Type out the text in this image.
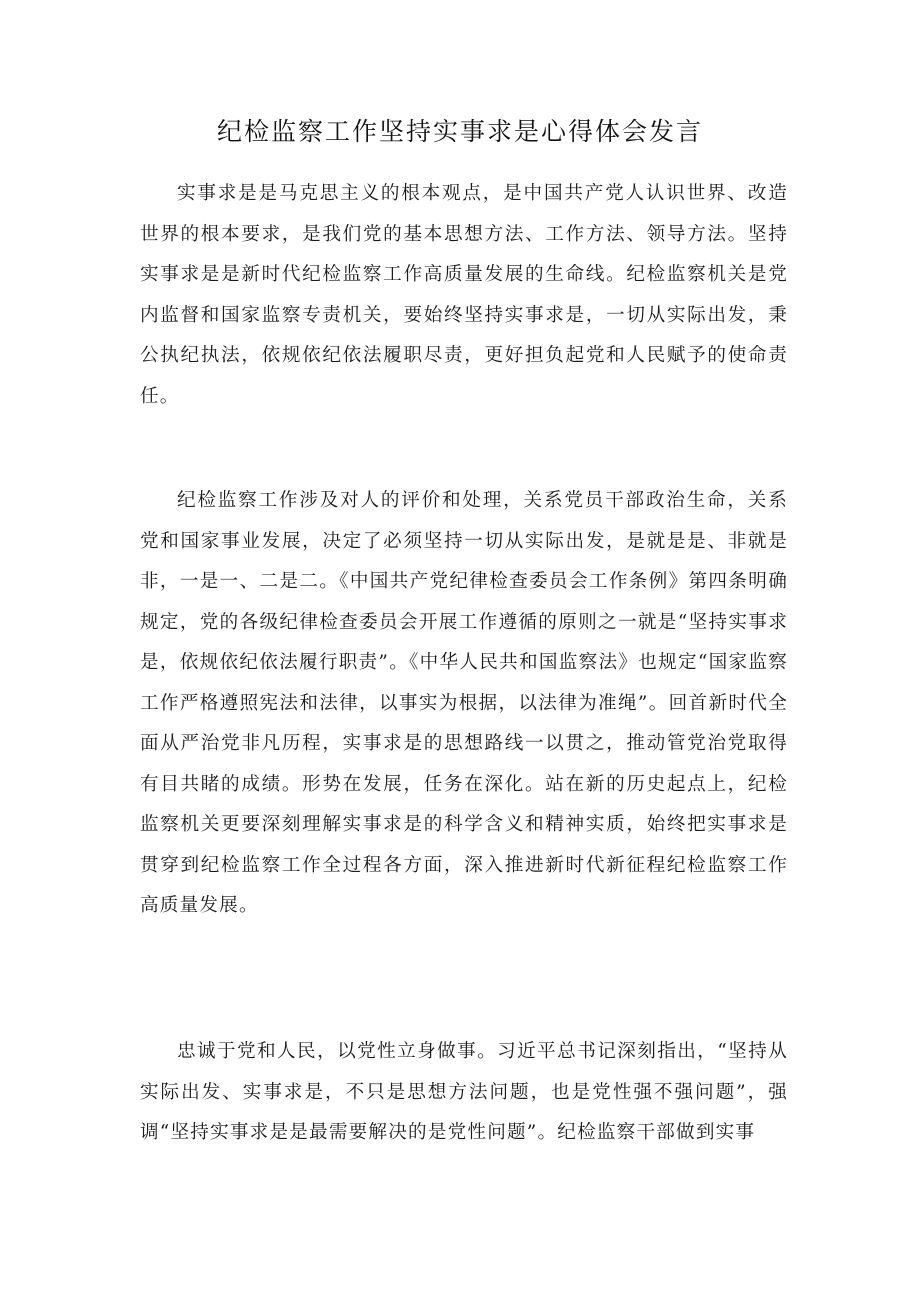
纪检监察工作坚持实事求是心得体会发言

实事求是是马克思主义的根本观点，是中国共产党人认识世界、改造世界的根本要求，是我们党的基本思想方法、工作方法、领导方法。坚持实事求是是新时代纪检监察工作高质量发展的生命线。纪检监察机关是党内监督和国家监察专责机关，要始终坚持实事求是，一切从实际出发，秉公执纪执法，依规依纪依法履职尽责，更好担负起党和人民赋予的使命责任。

纪检监察工作涉及对人的评价和处理，关系党员干部政治生命，关系党和国家事业发展，决定了必须坚持一切从实际出发，是就是是、非就是非，一是一、二是二。《中国共产党纪律检查委员会工作条例》第四条明确规定，党的各级纪律检查委员会开展工作遵循的原则之一就是“坚持实事求是，依规依纪依法履行职责”。《中华人民共和国监察法》也规定“国家监察工作严格遵照宪法和法律，以事实为根据，以法律为准绳”。回首新时代全面从严治党非凡历程，实事求是的思想路线一以贯之，推动管党治党取得有目共睹的成绩。形势在发展，任务在深化。站在新的历史起点上，纪检监察机关更要深刻理解实事求是的科学含义和精神实质，始终把实事求是贯穿到纪检监察工作全过程各方面，深入推进新时代新征程纪检监察工作高质量发展。

忠诚于党和人民，以党性立身做事。习近平总书记深刻指出，“坚持从实际出发、实事求是，不只是思想方法问题，也是党性强不强问题”，强调“坚持实事求是是最需要解决的是党性问题”。纪检监察干部做到实事
